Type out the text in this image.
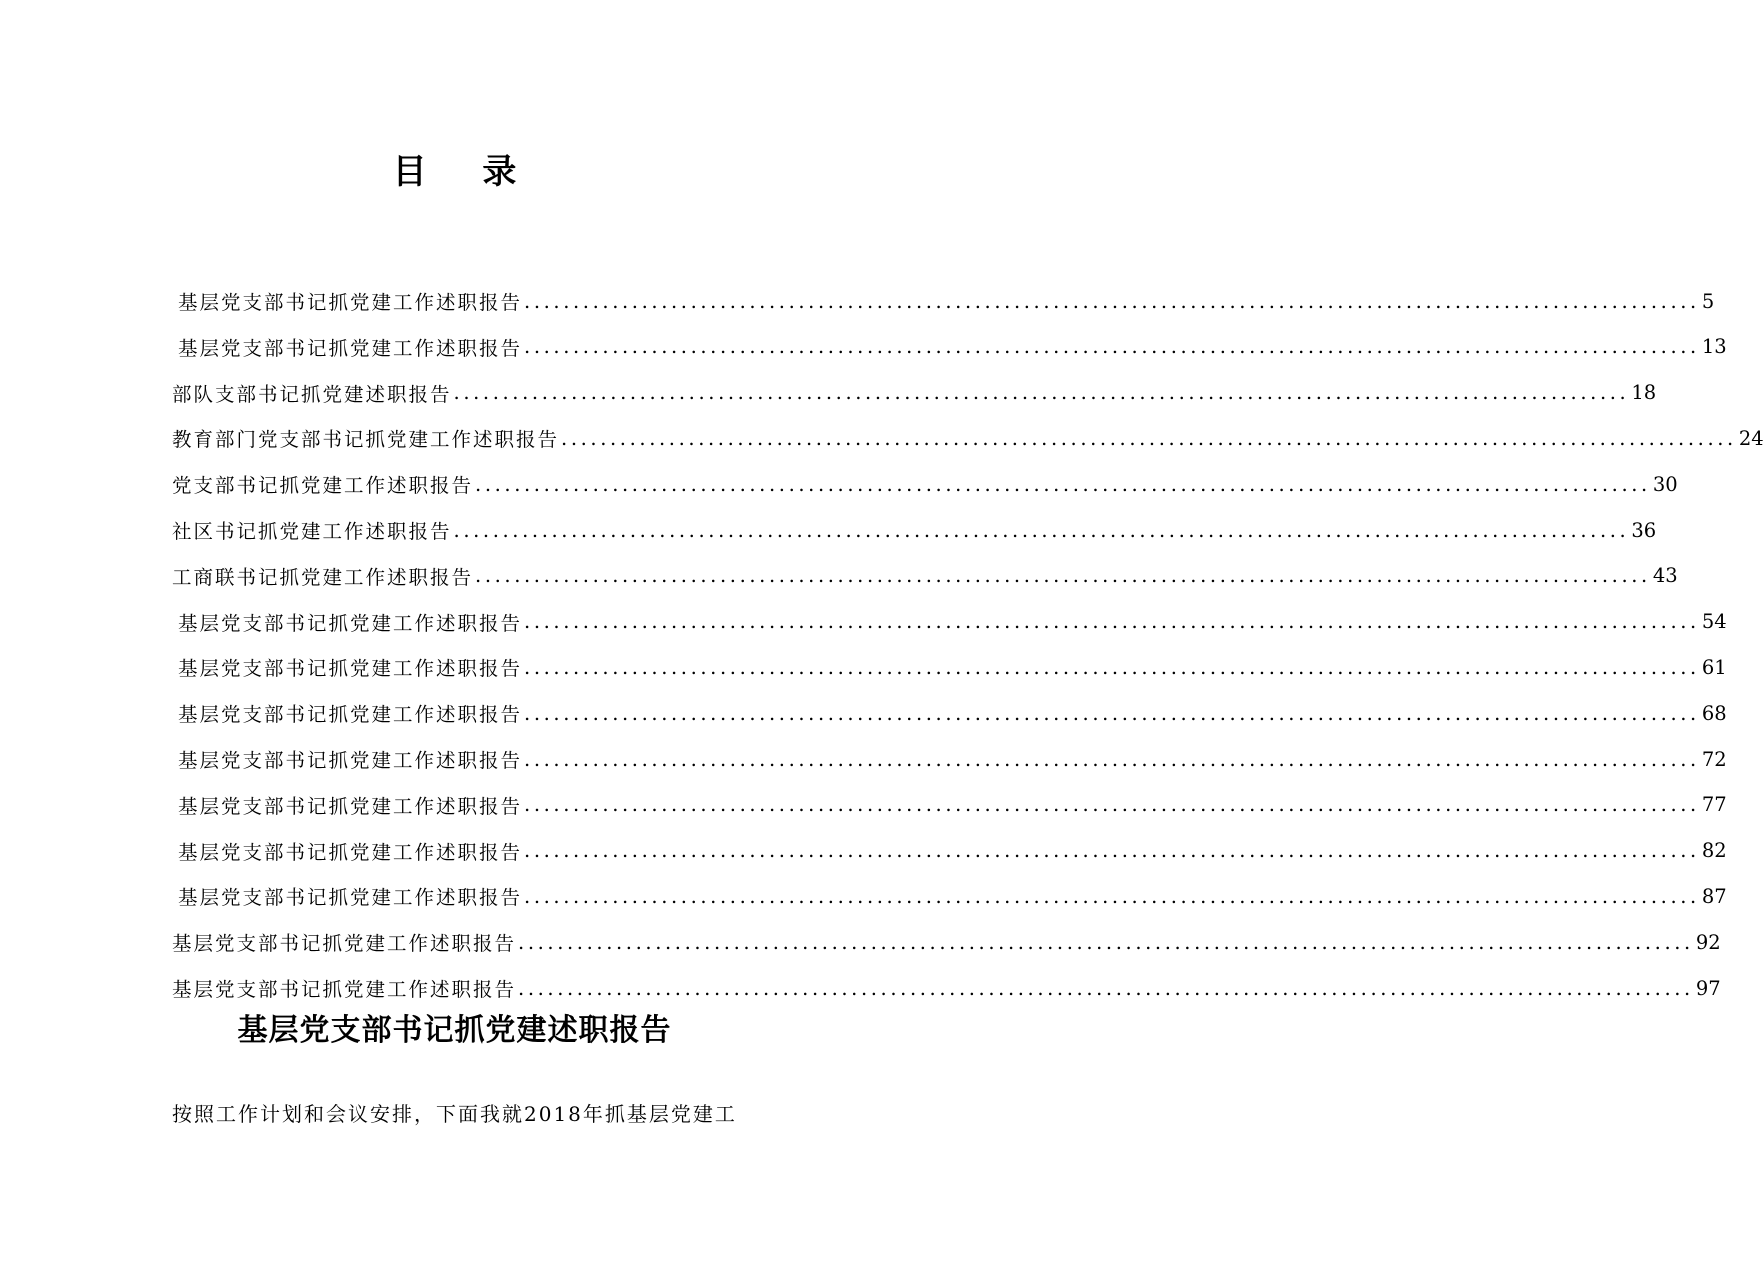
目 录
基层党支部书记抓党建工作述职报告 ........................................................................................................................ 5
基层党支部书记抓党建工作述职报告 ........................................................................................................................ 13
部队支部书记抓党建述职报告 ........................................................................................................................ 18
教育部门党支部书记抓党建工作述职报告 ........................................................................................................................ 24
党支部书记抓党建工作述职报告 ........................................................................................................................ 30
社区书记抓党建工作述职报告 ........................................................................................................................ 36
工商联书记抓党建工作述职报告 ........................................................................................................................ 43
基层党支部书记抓党建工作述职报告 ........................................................................................................................ 54
基层党支部书记抓党建工作述职报告 ........................................................................................................................ 61
基层党支部书记抓党建工作述职报告 ........................................................................................................................ 68
基层党支部书记抓党建工作述职报告 ........................................................................................................................ 72
基层党支部书记抓党建工作述职报告 ........................................................................................................................ 77
基层党支部书记抓党建工作述职报告 ........................................................................................................................ 82
基层党支部书记抓党建工作述职报告 ........................................................................................................................ 87
基层党支部书记抓党建工作述职报告 ........................................................................................................................ 92
基层党支部书记抓党建工作述职报告 ........................................................................................................................ 97
基层党支部书记抓党建述职报告
按照工作计划和会议安排，下面我就2018年抓基层党建工
